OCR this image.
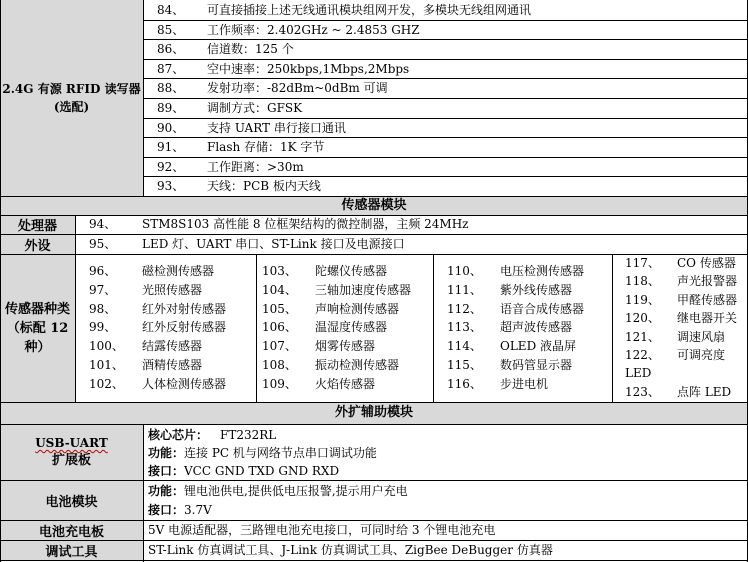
2.4G 有源 RFID 读写器
(选配)
84、 可直接插接上述无线通讯模块组网开发，多模块无线组网通讯
85、 工作频率：2.402GHz ~ 2.4853 GHZ
86、 信道数：125 个
87、 空中速率：250kbps,1Mbps,2Mbps
88、 发射功率：-82dBm~0dBm 可调
89、 调制方式：GFSK
90、 支持 UART 串行接口通讯
91、 Flash 存储：1K 字节
92、 工作距离：>30m
93、 天线：PCB 板内天线
传感器模块
处理器	94、 STM8S103 高性能 8 位框架结构的微控制器，主频 24MHz
外设	95、 LED 灯、UART 串口、ST-Link 接口及电源接口
传感器种类
（标配 12
种）
96、 磁检测传感器
97、 光照传感器
98、 红外对射传感器
99、 红外反射传感器
100、 结露传感器
101、 酒精传感器
102、 人体检测传感器
103、 陀螺仪传感器
104、 三轴加速度传感器
105、 声响检测传感器
106、 温湿度传感器
107、 烟雾传感器
108、 振动检测传感器
109、 火焰传感器
110、 电压检测传感器
111、 紫外线传感器
112、 语音合成传感器
113、 超声波传感器
114、 OLED 液晶屏
115、 数码管显示器
116、 步进电机
117、 CO 传感器
118、 声光报警器
119、 甲醛传感器
120、 继电器开关
121、 调速风扇
122、 可调亮度
LED
123、 点阵 LED
外扩辅助模块
USB-UART
扩展板
核心芯片： FT232RL
功能：连接 PC 机与网络节点串口调试功能
接口：VCC GND TXD GND RXD
电池模块
功能：锂电池供电,提供低电压报警,提示用户充电
接口：3.7V
电池充电板	5V 电源适配器，三路锂电池充电接口，可同时给 3 个锂电池充电
调试工具	ST-Link 仿真调试工具、J-Link 仿真调试工具、ZigBee DeBugger 仿真器
